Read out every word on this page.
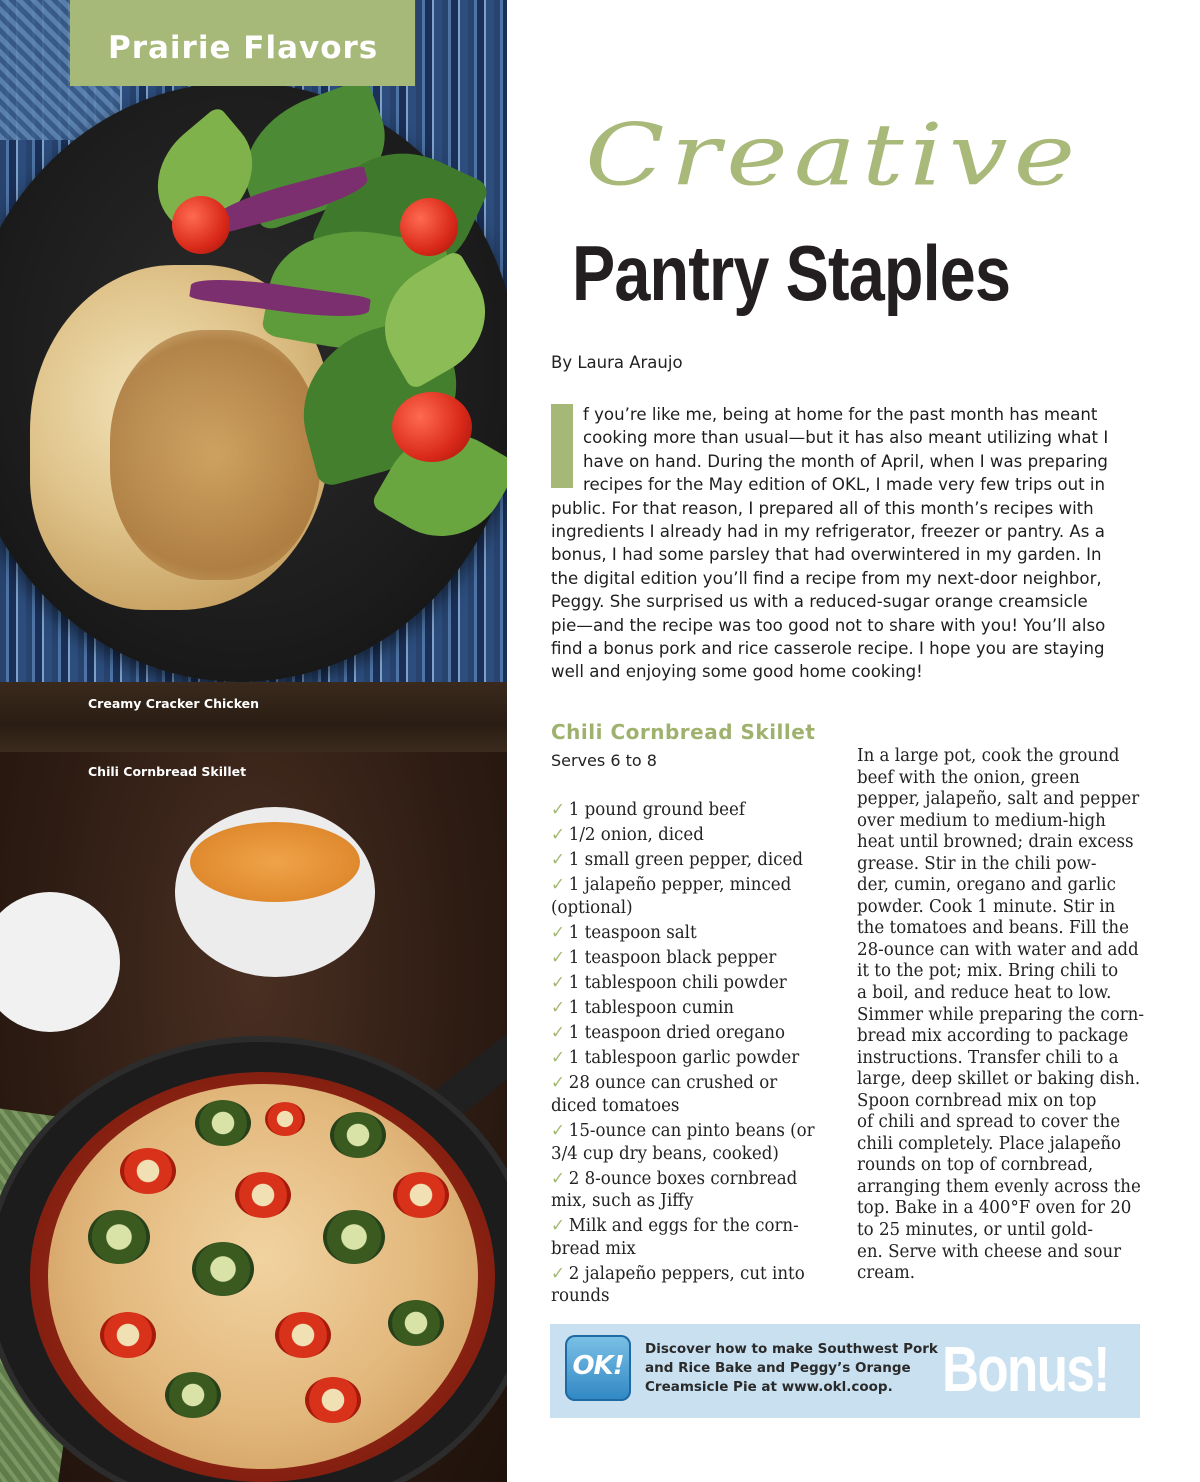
Creamy Cracker Chicken
Chili Cornbread Skillet
Prairie Flavors
Creative
Pantry Staples
By Laura Araujo
f you’re like me, being at home for the past month has meant
cooking more than usual—but it has also meant utilizing what I
have on hand. During the month of April, when I was preparing
recipes for the May edition of OKL, I made very few trips out in
public. For that reason, I prepared all of this month’s recipes with
ingredients I already had in my refrigerator, freezer or pantry. As a
bonus, I had some parsley that had overwintered in my garden. In
the digital edition you’ll find a recipe from my next-door neighbor,
Peggy. She surprised us with a reduced-sugar orange creamsicle
pie—and the recipe was too good not to share with you! You’ll also
find a bonus pork and rice casserole recipe. I hope you are staying
well and enjoying some good home cooking!
Chili Cornbread Skillet
Serves 6 to 8
✓ 1 pound ground beef
✓ 1/2 onion, diced
✓ 1 small green pepper, diced
✓ 1 jalapeño pepper, minced (optional)
✓ 1 teaspoon salt
✓ 1 teaspoon black pepper
✓ 1 tablespoon chili powder
✓ 1 tablespoon cumin
✓ 1 teaspoon dried oregano
✓ 1 tablespoon garlic powder
✓ 28 ounce can crushed or diced tomatoes
✓ 15-ounce can pinto beans (or 3/4 cup dry beans, cooked)
✓ 2 8-ounce boxes cornbread mix, such as Jiffy
✓ Milk and eggs for the corn-bread mix
✓ 2 jalapeño peppers, cut into rounds
In a large pot, cook the ground
beef with the onion, green
pepper, jalapeño, salt and pepper
over medium to medium-high
heat until browned; drain excess
grease. Stir in the chili pow-
der, cumin, oregano and garlic
powder. Cook 1 minute. Stir in
the tomatoes and beans. Fill the
28-ounce can with water and add
it to the pot; mix. Bring chili to
a boil, and reduce heat to low.
Simmer while preparing the corn-
bread mix according to package
instructions. Transfer chili to a
large, deep skillet or baking dish.
Spoon cornbread mix on top
of chili and spread to cover the
chili completely. Place jalapeño
rounds on top of cornbread,
arranging them evenly across the
top. Bake in a 400°F oven for 20
to 25 minutes, or until gold-
en. Serve with cheese and sour
cream.
OK!
Discover how to make Southwest Pork
and Rice Bake and Peggy’s Orange
Creamsicle Pie at www.okl.coop. Bonus!
